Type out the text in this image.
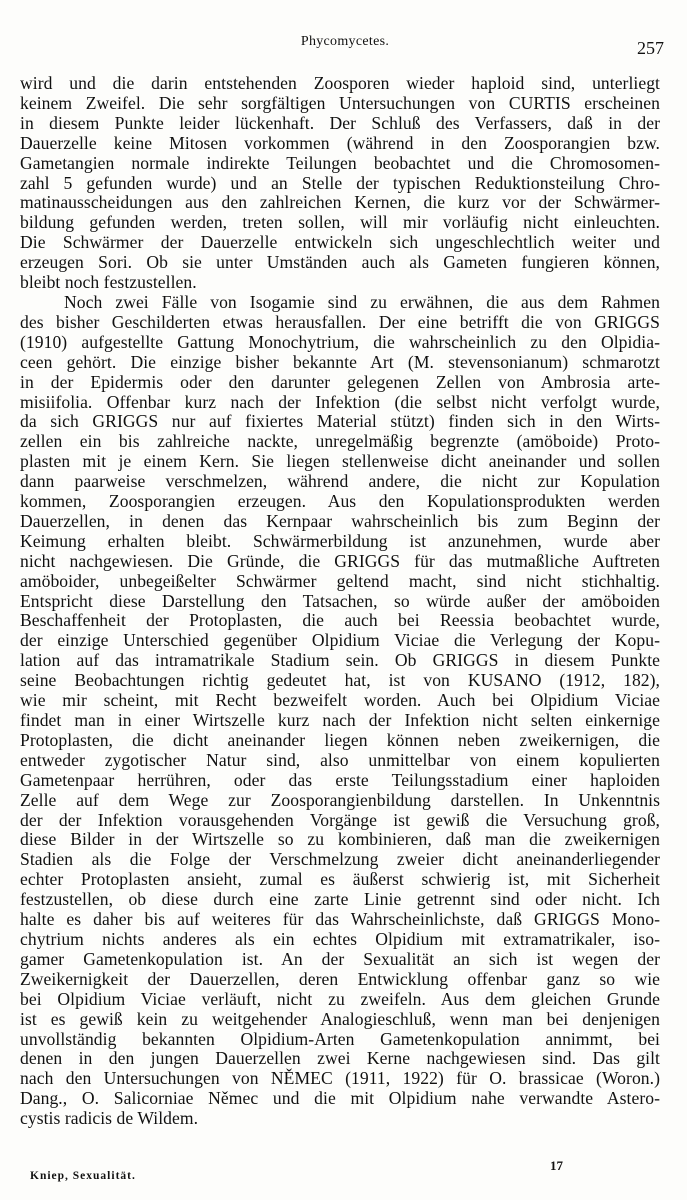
Phycomycetes.	257
wird und die darin entstehenden Zoosporen wieder haploid sind, unterliegt
keinem Zweifel. Die sehr sorgfältigen Untersuchungen von CURTIS erscheinen
in diesem Punkte leider lückenhaft. Der Schluß des Verfassers, daß in der
Dauerzelle keine Mitosen vorkommen (während in den Zoosporangien bzw.
Gametangien normale indirekte Teilungen beobachtet und die Chromosomen-
zahl 5 gefunden wurde) und an Stelle der typischen Reduktionsteilung Chro-
matinausscheidungen aus den zahlreichen Kernen, die kurz vor der Schwärmer-
bildung gefunden werden, treten sollen, will mir vorläufig nicht einleuchten.
Die Schwärmer der Dauerzelle entwickeln sich ungeschlechtlich weiter und
erzeugen Sori. Ob sie unter Umständen auch als Gameten fungieren können,
bleibt noch festzustellen.
Noch zwei Fälle von Isogamie sind zu erwähnen, die aus dem Rahmen
des bisher Geschilderten etwas herausfallen. Der eine betrifft die von GRIGGS
(1910) aufgestellte Gattung Monochytrium, die wahrscheinlich zu den Olpidia-
ceen gehört. Die einzige bisher bekannte Art (M. stevensonianum) schmarotzt
in der Epidermis oder den darunter gelegenen Zellen von Ambrosia arte-
misiifolia. Offenbar kurz nach der Infektion (die selbst nicht verfolgt wurde,
da sich GRIGGS nur auf fixiertes Material stützt) finden sich in den Wirts-
zellen ein bis zahlreiche nackte, unregelmäßig begrenzte (amöboide) Proto-
plasten mit je einem Kern. Sie liegen stellenweise dicht aneinander und sollen
dann paarweise verschmelzen, während andere, die nicht zur Kopulation
kommen, Zoosporangien erzeugen. Aus den Kopulationsprodukten werden
Dauerzellen, in denen das Kernpaar wahrscheinlich bis zum Beginn der
Keimung erhalten bleibt. Schwärmerbildung ist anzunehmen, wurde aber
nicht nachgewiesen. Die Gründe, die GRIGGS für das mutmaßliche Auftreten
amöboider, unbegeißelter Schwärmer geltend macht, sind nicht stichhaltig.
Entspricht diese Darstellung den Tatsachen, so würde außer der amöboiden
Beschaffenheit der Protoplasten, die auch bei Reessia beobachtet wurde,
der einzige Unterschied gegenüber Olpidium Viciae die Verlegung der Kopu-
lation auf das intramatrikale Stadium sein. Ob GRIGGS in diesem Punkte
seine Beobachtungen richtig gedeutet hat, ist von KUSANO (1912, 182),
wie mir scheint, mit Recht bezweifelt worden. Auch bei Olpidium Viciae
findet man in einer Wirtszelle kurz nach der Infektion nicht selten einkernige
Protoplasten, die dicht aneinander liegen können neben zweikernigen, die
entweder zygotischer Natur sind, also unmittelbar von einem kopulierten
Gametenpaar herrühren, oder das erste Teilungsstadium einer haploiden
Zelle auf dem Wege zur Zoosporangienbildung darstellen. In Unkenntnis
der der Infektion vorausgehenden Vorgänge ist gewiß die Versuchung groß,
diese Bilder in der Wirtszelle so zu kombinieren, daß man die zweikernigen
Stadien als die Folge der Verschmelzung zweier dicht aneinanderliegender
echter Protoplasten ansieht, zumal es äußerst schwierig ist, mit Sicherheit
festzustellen, ob diese durch eine zarte Linie getrennt sind oder nicht. Ich
halte es daher bis auf weiteres für das Wahrscheinlichste, daß GRIGGS Mono-
chytrium nichts anderes als ein echtes Olpidium mit extramatrikaler, iso-
gamer Gametenkopulation ist. An der Sexualität an sich ist wegen der
Zweikernigkeit der Dauerzellen, deren Entwicklung offenbar ganz so wie
bei Olpidium Viciae verläuft, nicht zu zweifeln. Aus dem gleichen Grunde
ist es gewiß kein zu weitgehender Analogieschluß, wenn man bei denjenigen
unvollständig bekannten Olpidium-Arten Gametenkopulation annimmt, bei
denen in den jungen Dauerzellen zwei Kerne nachgewiesen sind. Das gilt
nach den Untersuchungen von NĚMEC (1911, 1922) für O. brassicae (Woron.)
Dang., O. Salicorniae Němec und die mit Olpidium nahe verwandte Astero-
cystis radicis de Wildem.
Kniep, Sexualität.
17
